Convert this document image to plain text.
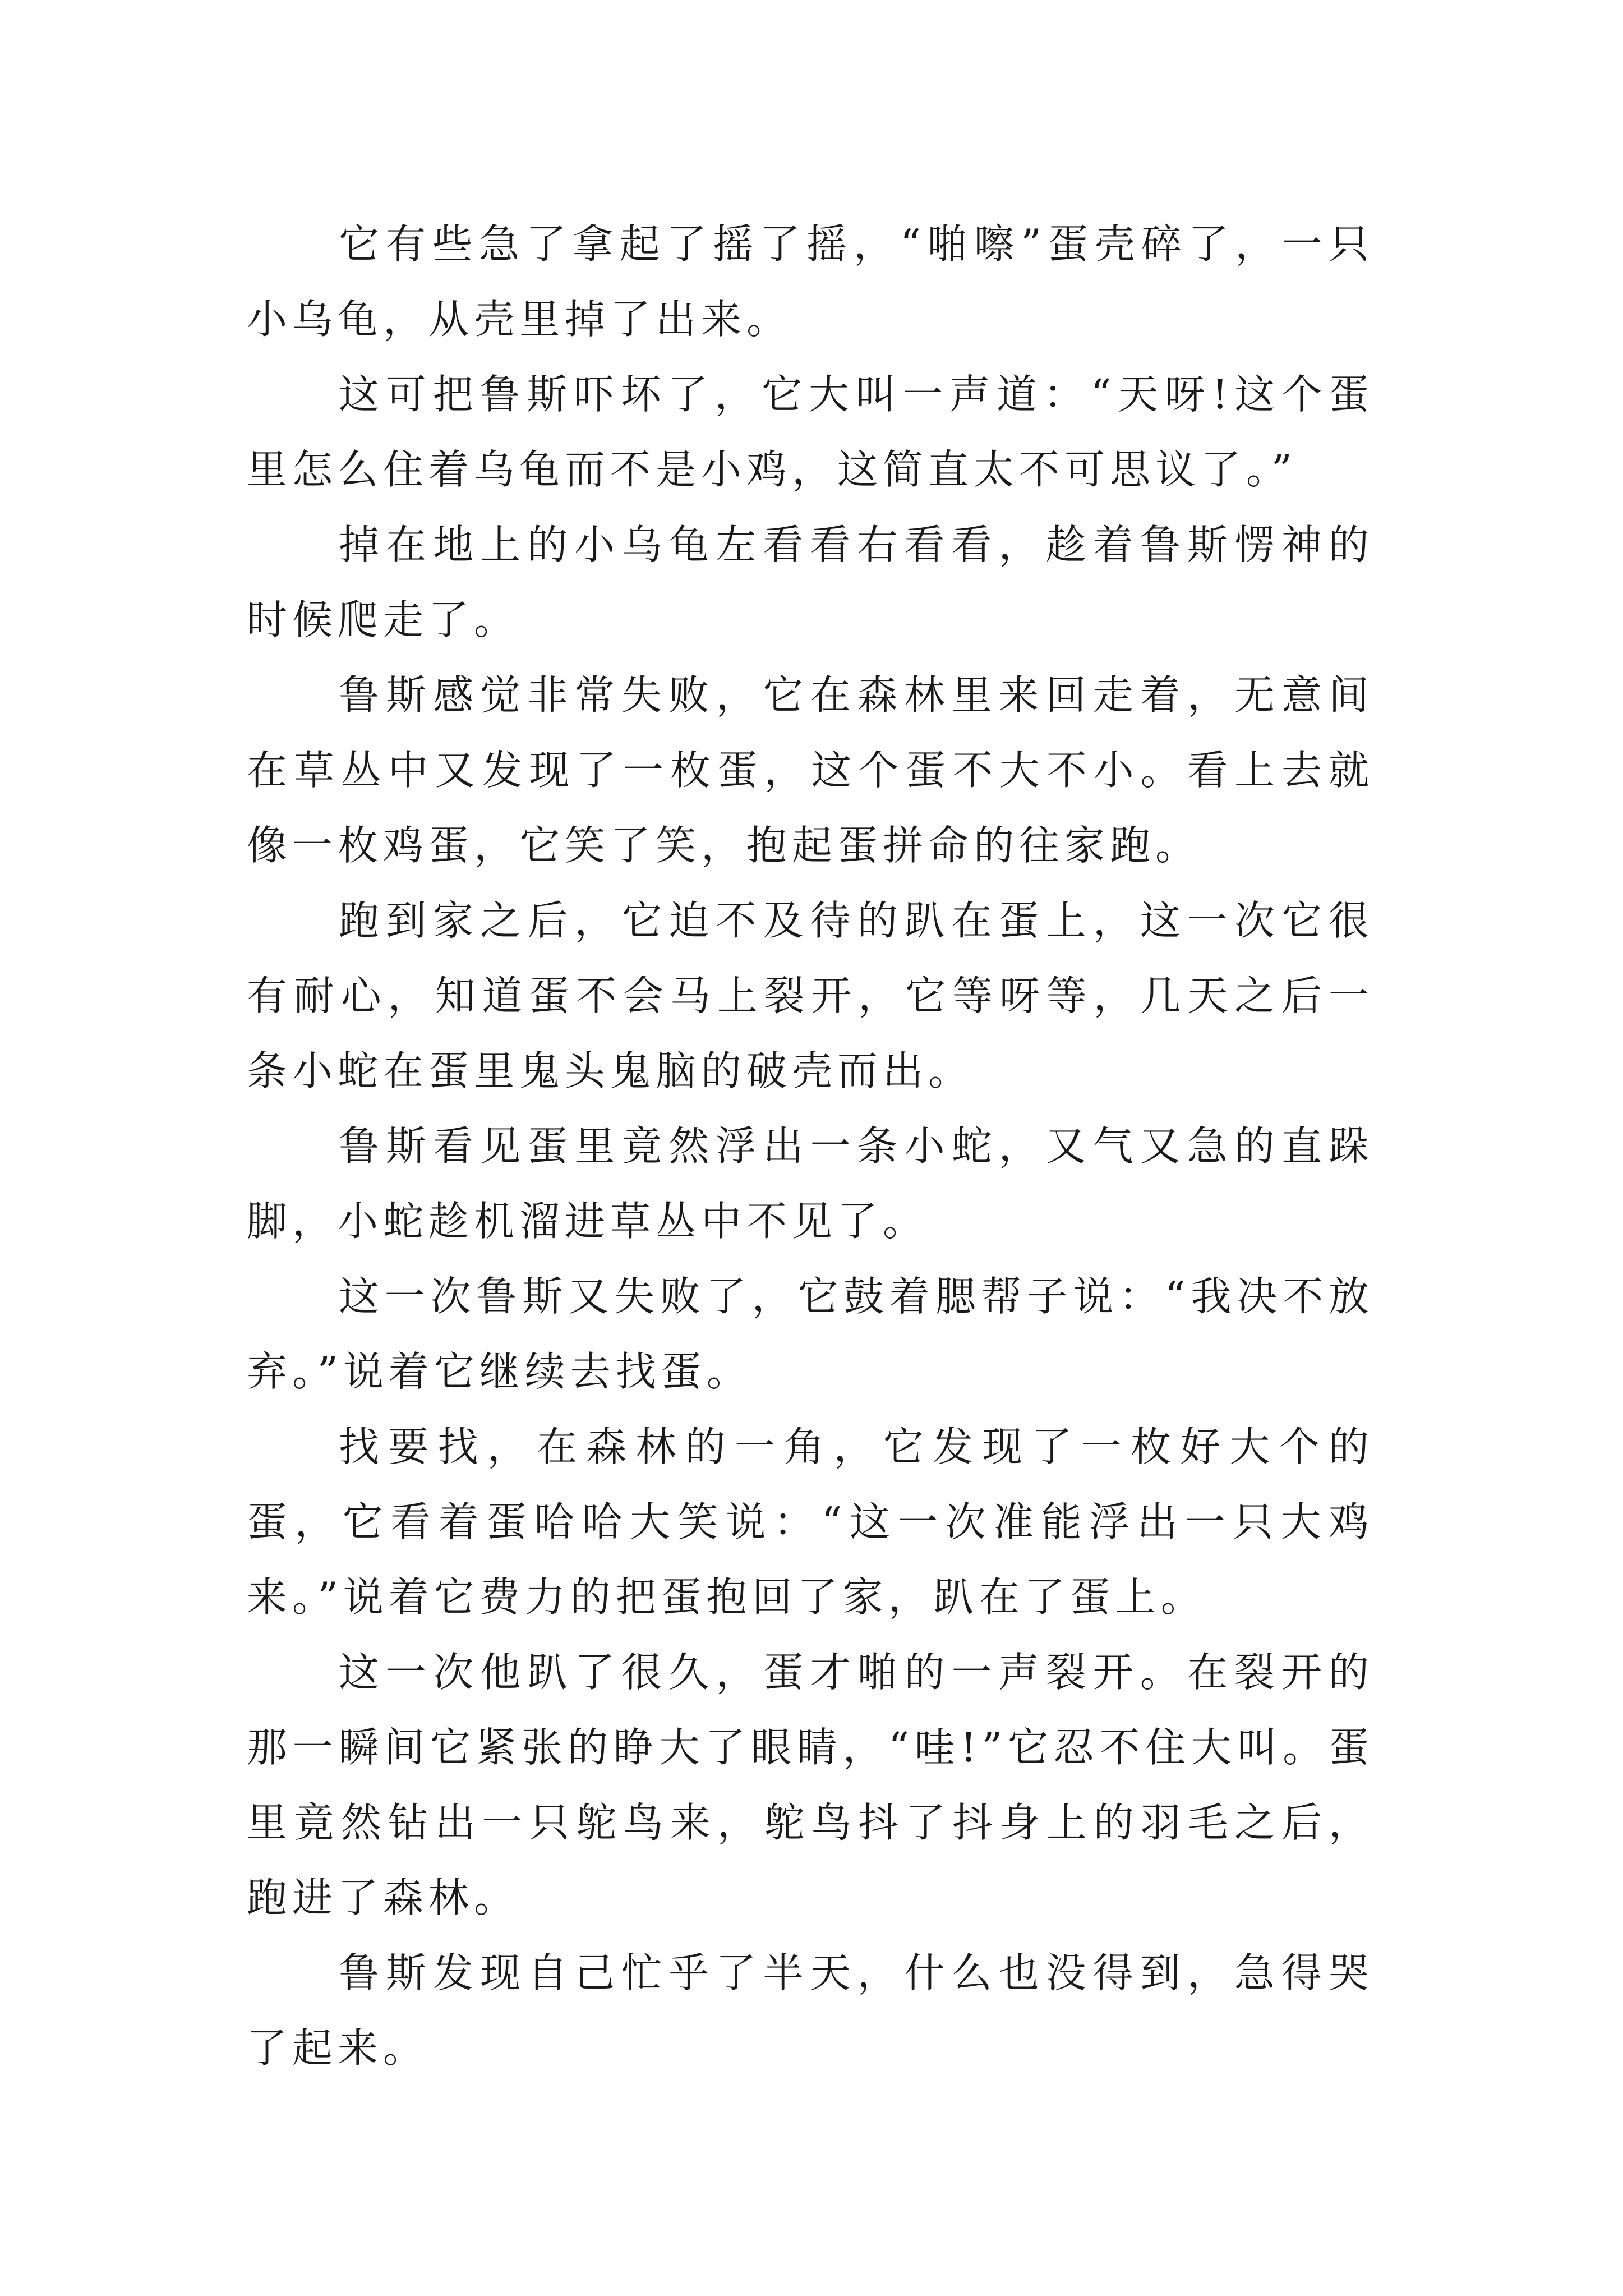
它有些急了拿起了摇了摇，“啪嚓”蛋壳碎了，一只小乌龟，从壳里掉了出来。

这可把鲁斯吓坏了，它大叫一声道：“天呀!这个蛋里怎么住着乌龟而不是小鸡，这简直太不可思议了。”

掉在地上的小乌龟左看看右看看，趁着鲁斯愣神的时候爬走了。

鲁斯感觉非常失败，它在森林里来回走着，无意间在草丛中又发现了一枚蛋，这个蛋不大不小。看上去就像一枚鸡蛋，它笑了笑，抱起蛋拼命的往家跑。

跑到家之后，它迫不及待的趴在蛋上，这一次它很有耐心，知道蛋不会马上裂开，它等呀等，几天之后一条小蛇在蛋里鬼头鬼脑的破壳而出。

鲁斯看见蛋里竟然浮出一条小蛇，又气又急的直跺脚，小蛇趁机溜进草丛中不见了。

这一次鲁斯又失败了，它鼓着腮帮子说：“我决不放弃。”说着它继续去找蛋。

找要找，在森林的一角，它发现了一枚好大个的蛋，它看着蛋哈哈大笑说：“这一次准能浮出一只大鸡来。”说着它费力的把蛋抱回了家，趴在了蛋上。

这一次他趴了很久，蛋才啪的一声裂开。在裂开的那一瞬间它紧张的睁大了眼睛，“哇!”它忍不住大叫。蛋里竟然钻出一只鸵鸟来，鸵鸟抖了抖身上的羽毛之后，跑进了森林。

鲁斯发现自己忙乎了半天，什么也没得到，急得哭了起来。
